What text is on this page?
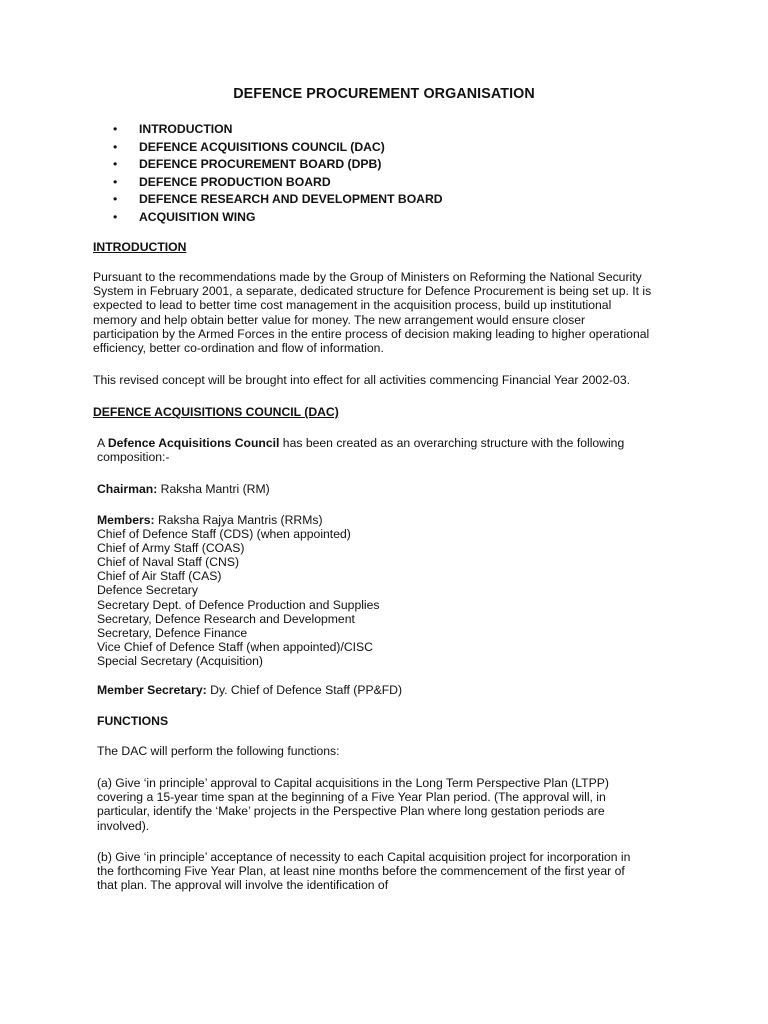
DEFENCE PROCUREMENT ORGANISATION
• INTRODUCTION
• DEFENCE ACQUISITIONS COUNCIL (DAC)
• DEFENCE PROCUREMENT BOARD (DPB)
• DEFENCE PRODUCTION BOARD
• DEFENCE RESEARCH AND DEVELOPMENT BOARD
• ACQUISITION WING
INTRODUCTION
Pursuant to the recommendations made by the Group of Ministers on Reforming the National Security
System in February 2001, a separate, dedicated structure for Defence Procurement is being set up. It is
expected to lead to better time cost management in the acquisition process, build up institutional
memory and help obtain better value for money. The new arrangement would ensure closer
participation by the Armed Forces in the entire process of decision making leading to higher operational
efficiency, better co-ordination and flow of information.
This revised concept will be brought into effect for all activities commencing Financial Year 2002-03.
DEFENCE ACQUISITIONS COUNCIL (DAC)
A Defence Acquisitions Council has been created as an overarching structure with the following
composition:-
Chairman: Raksha Mantri (RM)
Members: Raksha Rajya Mantris (RRMs)
Chief of Defence Staff (CDS) (when appointed)
Chief of Army Staff (COAS)
Chief of Naval Staff (CNS)
Chief of Air Staff (CAS)
Defence Secretary
Secretary Dept. of Defence Production and Supplies
Secretary, Defence Research and Development
Secretary, Defence Finance
Vice Chief of Defence Staff (when appointed)/CISC
Special Secretary (Acquisition)
Member Secretary: Dy. Chief of Defence Staff (PP&FD)
FUNCTIONS
The DAC will perform the following functions:
(a) Give ‘in principle’ approval to Capital acquisitions in the Long Term Perspective Plan (LTPP)
covering a 15-year time span at the beginning of a Five Year Plan period. (The approval will, in
particular, identify the ‘Make’ projects in the Perspective Plan where long gestation periods are
involved).
(b) Give ‘in principle’ acceptance of necessity to each Capital acquisition project for incorporation in
the forthcoming Five Year Plan, at least nine months before the commencement of the first year of
that plan. The approval will involve the identification of
